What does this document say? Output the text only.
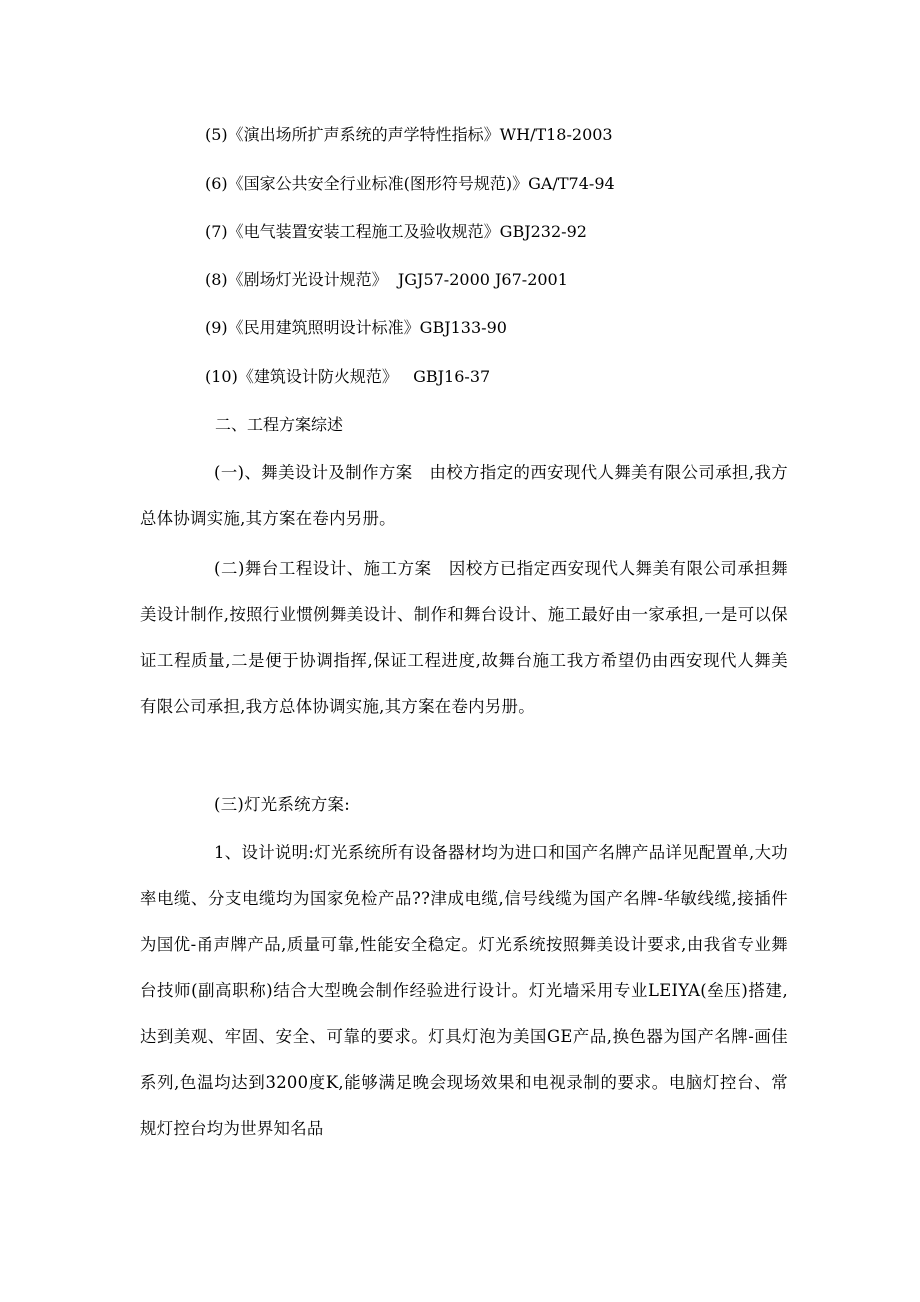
(5)《演出场所扩声系统的声学特性指标》WH/T18-2003
(6)《国家公共安全行业标准(图形符号规范)》GA/T74-94
(7)《电气装置安装工程施工及验收规范》GBJ232-92
(8)《剧场灯光设计规范》  JGJ57-2000 J67-2001
(9)《民用建筑照明设计标准》GBJ133-90
(10)《建筑设计防火规范》   GBJ16-37
二、工程方案综述
(一)、舞美设计及制作方案   由校方指定的西安现代人舞美有限公司承担,我方总体协调实施,其方案在卷内另册。
(二)舞台工程设计、施工方案   因校方已指定西安现代人舞美有限公司承担舞美设计制作,按照行业惯例舞美设计、制作和舞台设计、施工最好由一家承担,一是可以保证工程质量,二是便于协调指挥,保证工程进度,故舞台施工我方希望仍由西安现代人舞美有限公司承担,我方总体协调实施,其方案在卷内另册。
(三)灯光系统方案:
1、设计说明:灯光系统所有设备器材均为进口和国产名牌产品详见配置单,大功率电缆、分支电缆均为国家免检产品??津成电缆,信号线缆为国产名牌-华敏线缆,接插件为国优-甬声牌产品,质量可靠,性能安全稳定。灯光系统按照舞美设计要求,由我省专业舞台技师(副高职称)结合大型晚会制作经验进行设计。灯光墙采用专业LEIYA(垒压)搭建,达到美观、牢固、安全、可靠的要求。灯具灯泡为美国GE产品,换色器为国产名牌-画佳系列,色温均达到3200度K,能够满足晚会现场效果和电视录制的要求。电脑灯控台、常规灯控台均为世界知名品
